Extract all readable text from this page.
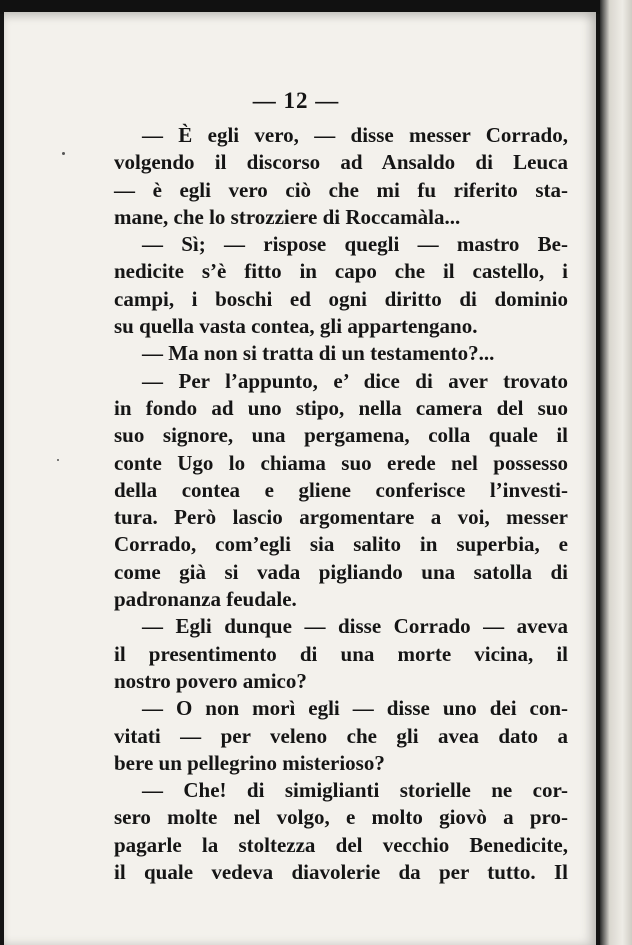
— 12 —
— È egli vero, — disse messer Corrado,
volgendo il discorso ad Ansaldo di Leuca
— è egli vero ciò che mi fu riferito sta-
mane, che lo strozziere di Roccamàla...
— Sì; — rispose quegli — mastro Be-
nedicite s’è fitto in capo che il castello, i
campi, i boschi ed ogni diritto di dominio
su quella vasta contea, gli appartengano.
— Ma non si tratta di un testamento?...
— Per l’appunto, e’ dice di aver trovato
in fondo ad uno stipo, nella camera del suo
suo signore, una pergamena, colla quale il
conte Ugo lo chiama suo erede nel possesso
della contea e gliene conferisce l’investi-
tura. Però lascio argomentare a voi, messer
Corrado, com’egli sia salito in superbia, e
come già si vada pigliando una satolla di
padronanza feudale.
— Egli dunque — disse Corrado — aveva
il presentimento di una morte vicina, il
nostro povero amico?
— O non morì egli — disse uno dei con-
vitati — per veleno che gli avea dato a
bere un pellegrino misterioso?
— Che! di simiglianti storielle ne cor-
sero molte nel volgo, e molto giovò a pro-
pagarle la stoltezza del vecchio Benedicite,
il quale vedeva diavolerie da per tutto. Il
